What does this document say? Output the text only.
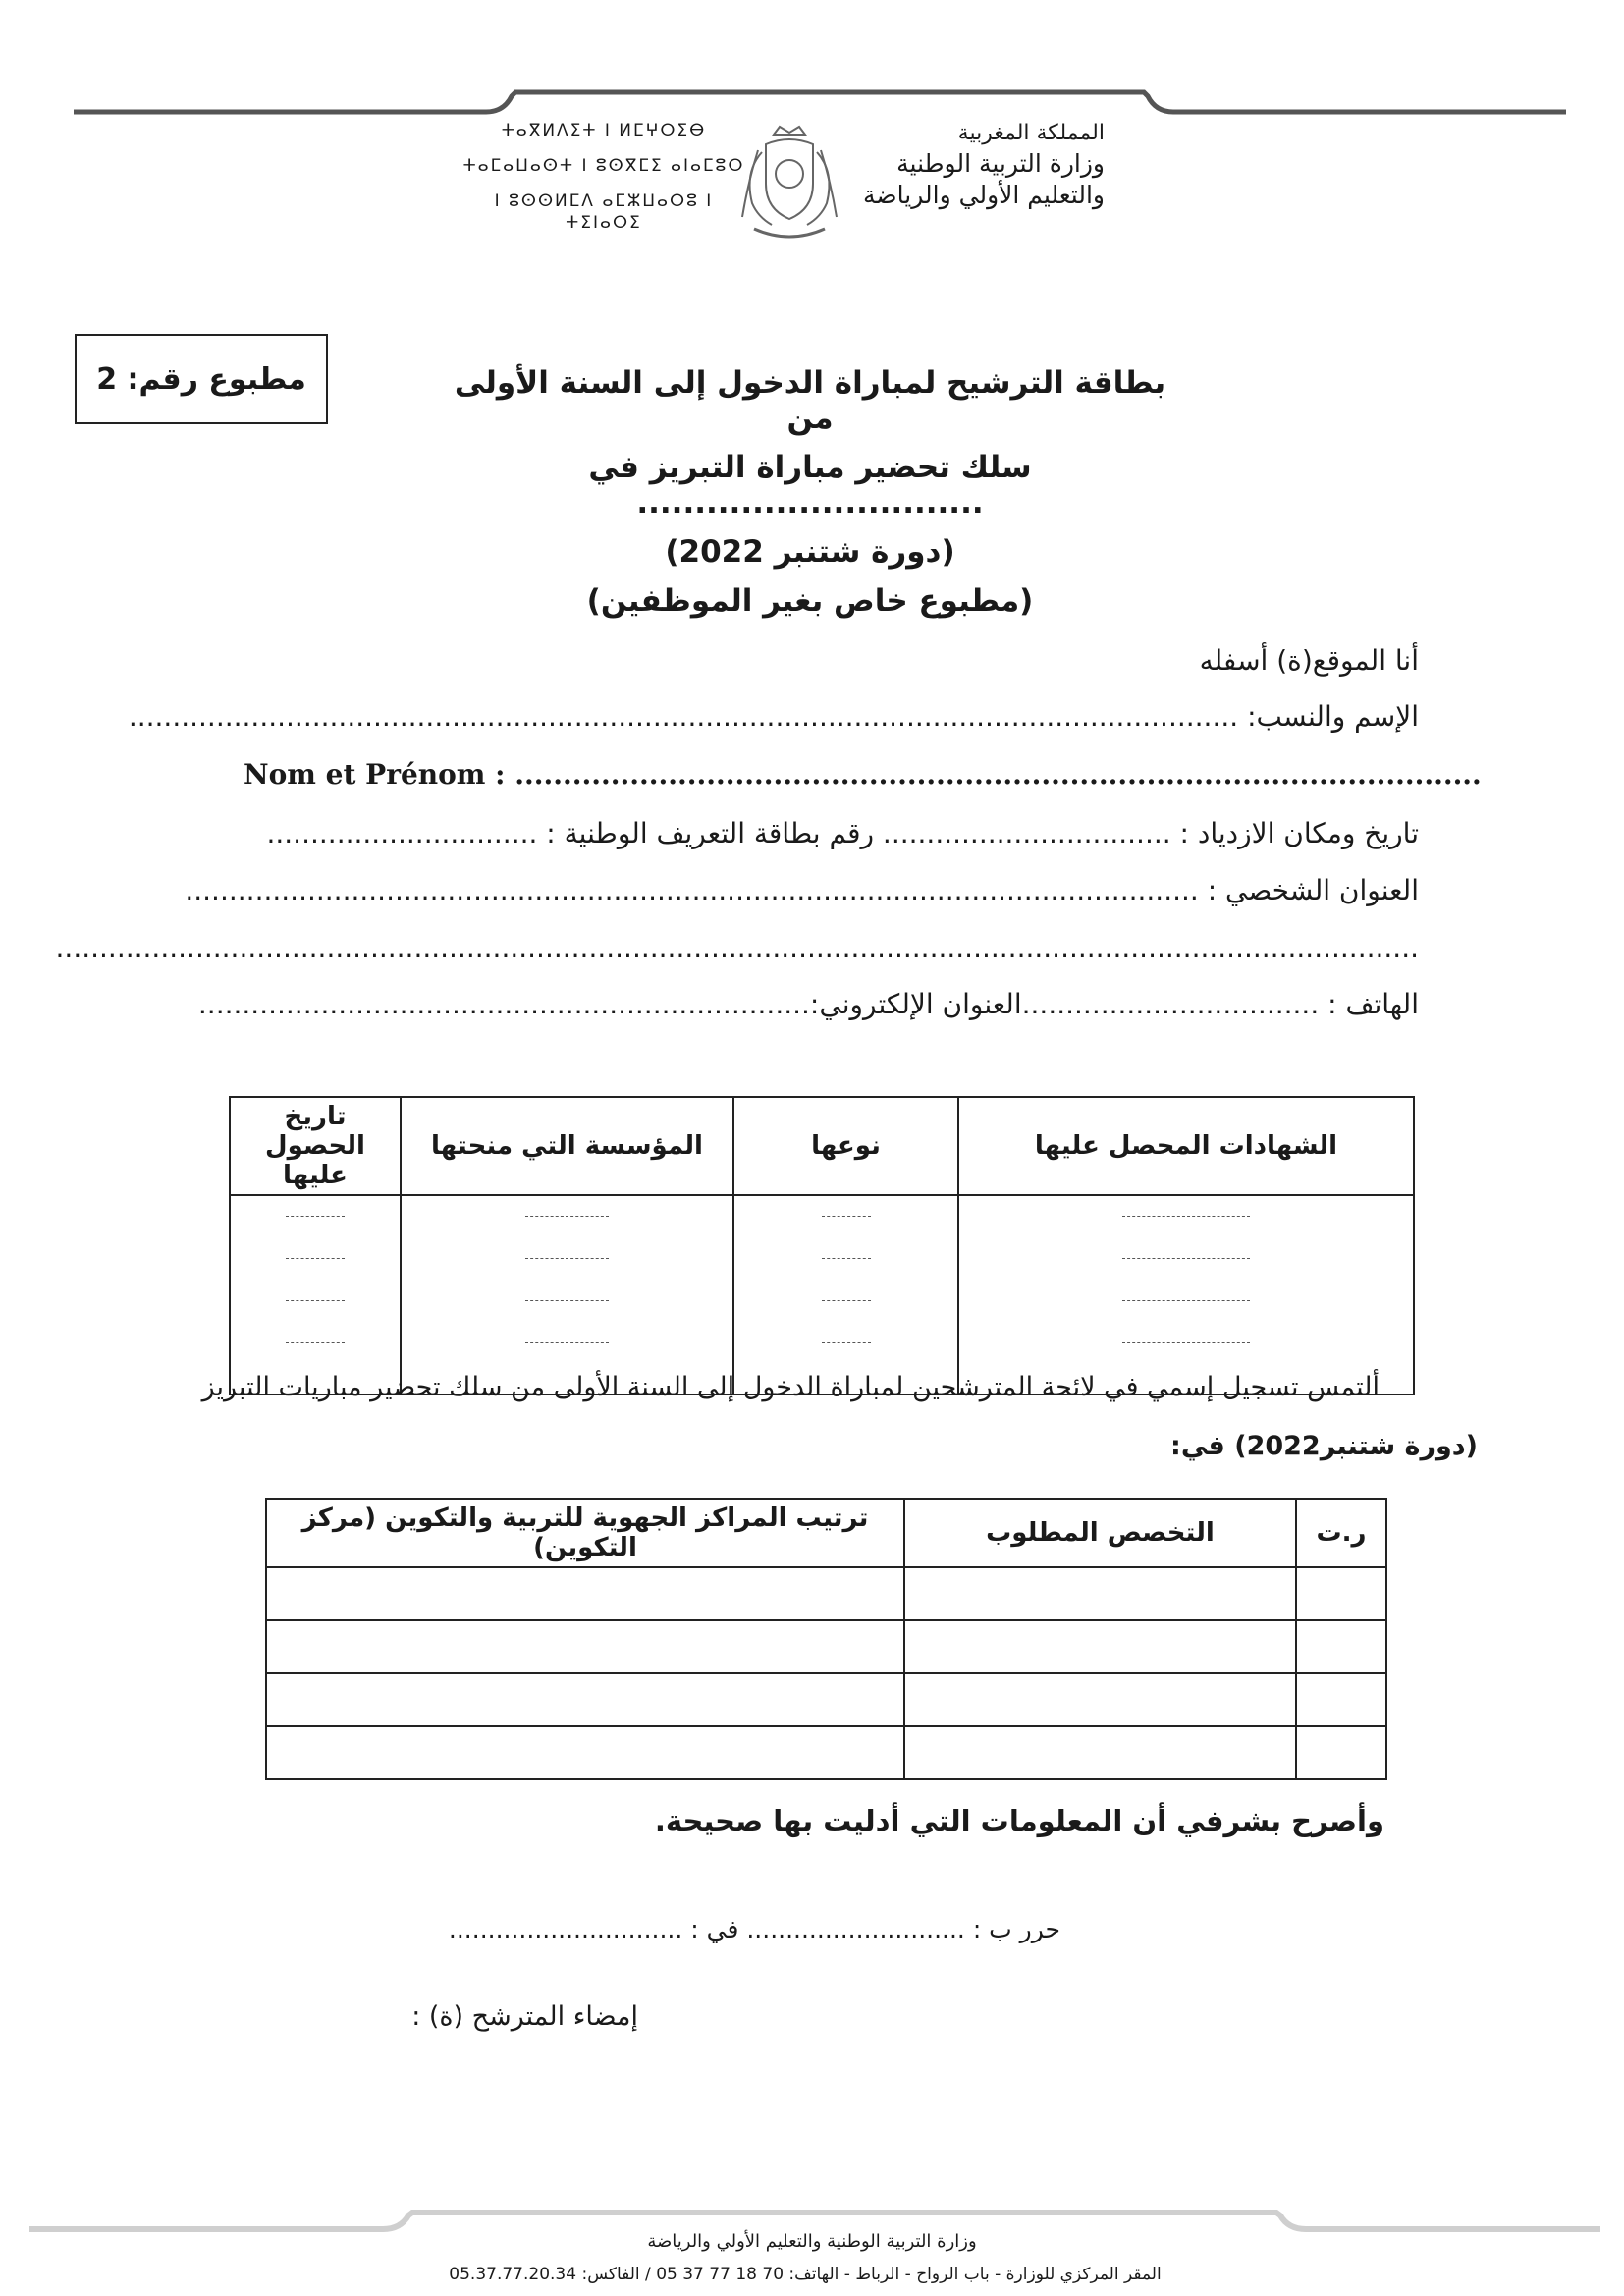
المملكة المغربية
وزارة التربية الوطنية
والتعليم الأولي والرياضة
ⵜⴰⴳⵍⴷⵉⵜ ⵏ ⵍⵎⵖⵔⵉⴱ
ⵜⴰⵎⴰⵡⴰⵙⵜ ⵏ ⵓⵙⴳⵎⵉ ⴰⵏⴰⵎⵓⵔ
ⵏ ⵓⵙⵙⵍⵎⴷ ⴰⵎⵣⵡⴰⵔⵓ ⵏ ⵜⵉⵏⴰⵔⵉ
مطبوع رقم: 2	بطاقة الترشيح لمباراة الدخول إلى السنة الأولى من
سلك تحضير مباراة التبريز في ..............................
(دورة شتنبر 2022)
(مطبوع خاص بغير الموظفين)
أنا الموقع(ة) أسفله
الإسم والنسب: ...............................................................................................................................
Nom et Prénom : .....................................................................................................
تاريخ ومكان الازدياد : ................................. رقم بطاقة التعريف الوطنية : ...............................
العنوان الشخصي : ....................................................................................................................
............................................................................................................................................................
الهاتف : ..................................العنوان الإلكتروني:......................................................................
الشهادات المحصل عليها	نوعها	المؤسسة التي منحتها	تاريخ الحصول عليها

ألتمس تسجيل إسمي في لائحة المترشحين لمباراة الدخول إلى السنة الأولى من سلك تحضير مباريات التبريز
(دورة شتنبر2022) في:
ر.ت	التخصص المطلوب	ترتيب المراكز الجهوية للتربية والتكوين (مركز التكوين)

وأصرح بشرفي أن المعلومات التي أدليت بها صحيحة.
حرر ب : ............................ في : ..............................
إمضاء المترشح (ة) :
وزارة التربية الوطنية والتعليم الأولي والرياضة
المقر المركزي للوزارة - باب الرواح - الرباط - الهاتف: 70 18 77 37 05 / الفاكس: 05.37.77.20.34
